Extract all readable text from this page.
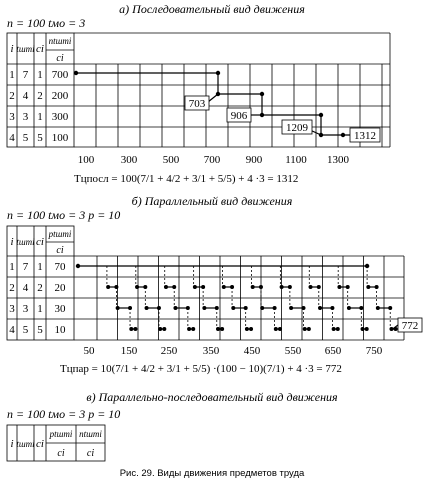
а) Последовательный вид движения
n = 100 tмо = 3
i tштi ci
ntштi
ci
1 7 1 700
2 4 2 200
3 3 1 300
4 5 5 100
703
906
1209
1312
100 300 500 700 900 1100 1300
Tцпосл = 100(7/1 + 4/2 + 3/1 + 5/5) + 4 ·3 = 1312
б) Параллельный вид движения
n = 100 tмо = 3 p = 10
i tштi ci
ptштi
ci
1 7 1 70
2 4 2 20
3 3 1 30
4 5 5 10	772
50 150 250 350 450 550 650 750
Tцпар = 10(7/1 + 4/2 + 3/1 + 5/5) ·(100 − 10)(7/1) + 4 ·3 = 772
в) Параллельно-последовательный вид движения
n = 100 tмо = 3 p = 10
i tштi ci
ptштi
ci
ntштi
ci
Рис. 29. Виды движения предметов труда
